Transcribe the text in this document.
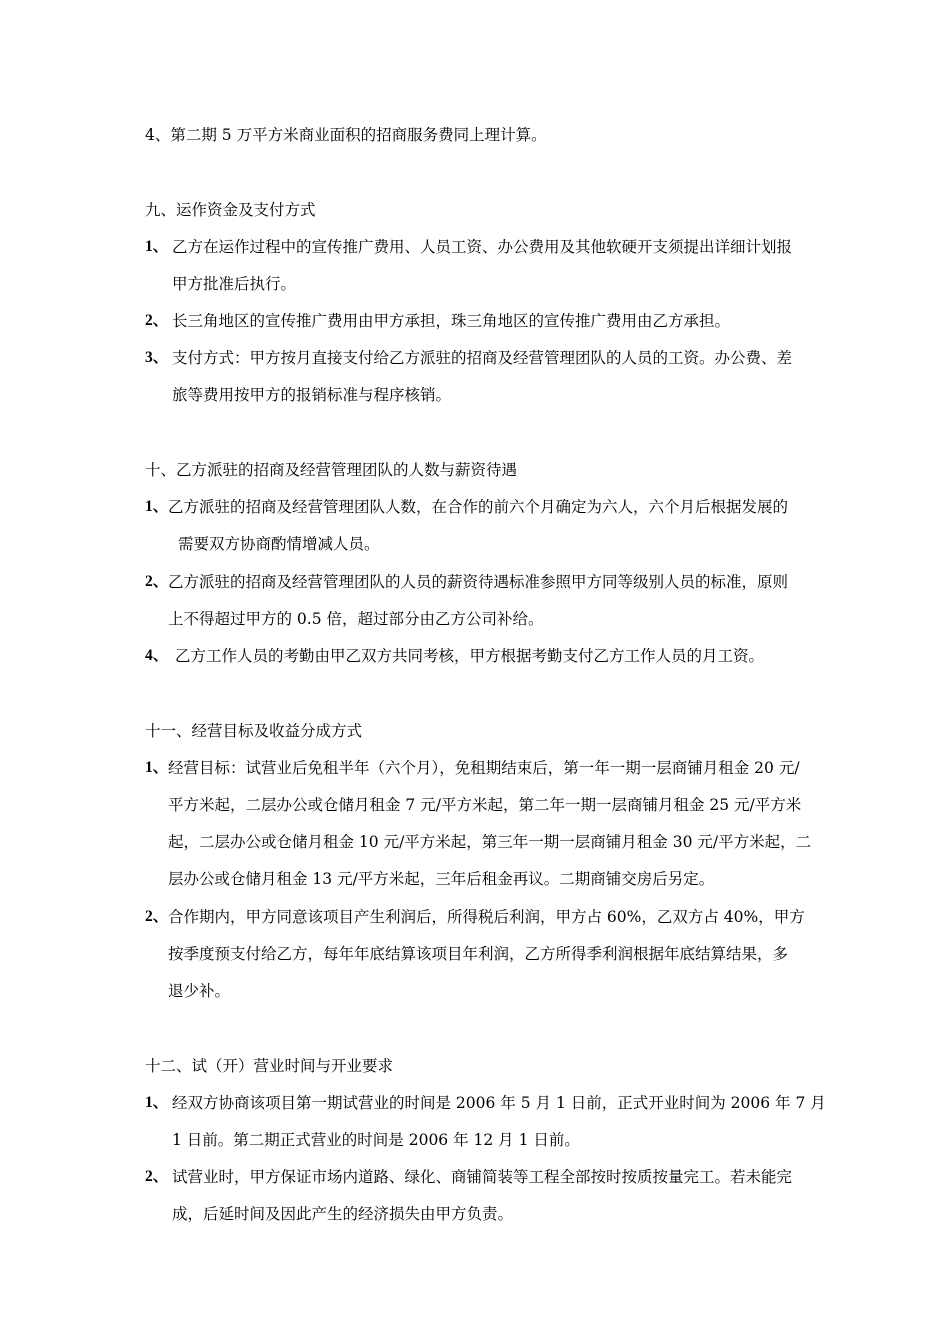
4、第二期 5 万平方米商业面积的招商服务费同上理计算。
九、运作资金及支付方式
1、 乙方在运作过程中的宣传推广费用、人员工资、办公费用及其他软硬开支须提出详细计划报
甲方批准后执行。
2、 长三角地区的宣传推广费用由甲方承担，珠三角地区的宣传推广费用由乙方承担。
3、 支付方式：甲方按月直接支付给乙方派驻的招商及经营管理团队的人员的工资。办公费、差
旅等费用按甲方的报销标准与程序核销。
十、乙方派驻的招商及经营管理团队的人数与薪资待遇
1、 乙方派驻的招商及经营管理团队人数，在合作的前六个月确定为六人，六个月后根据发展的
需要双方协商酌情增减人员。
2、 乙方派驻的招商及经营管理团队的人员的薪资待遇标准参照甲方同等级别人员的标准，原则
上不得超过甲方的 0.5 倍，超过部分由乙方公司补给。
4、 乙方工作人员的考勤由甲乙双方共同考核，甲方根据考勤支付乙方工作人员的月工资。
十一、经营目标及收益分成方式
1、 经营目标：试营业后免租半年（六个月），免租期结束后，第一年一期一层商铺月租金 20 元/
平方米起，二层办公或仓储月租金 7 元/平方米起，第二年一期一层商铺月租金 25 元/平方米
起，二层办公或仓储月租金 10 元/平方米起，第三年一期一层商铺月租金 30 元/平方米起，二
层办公或仓储月租金 13 元/平方米起，三年后租金再议。二期商铺交房后另定。
2、 合作期内，甲方同意该项目产生利润后，所得税后利润，甲方占 60%，乙双方占 40%，甲方
按季度预支付给乙方，每年年底结算该项目年利润，乙方所得季利润根据年底结算结果，多
退少补。
十二、试（开）营业时间与开业要求
1、 经双方协商该项目第一期试营业的时间是 2006 年 5 月 1 日前，正式开业时间为 2006 年 7 月
1 日前。第二期正式营业的时间是 2006 年 12 月 1 日前。
2、 试营业时，甲方保证市场内道路、绿化、商铺简装等工程全部按时按质按量完工。若未能完
成，后延时间及因此产生的经济损失由甲方负责。
